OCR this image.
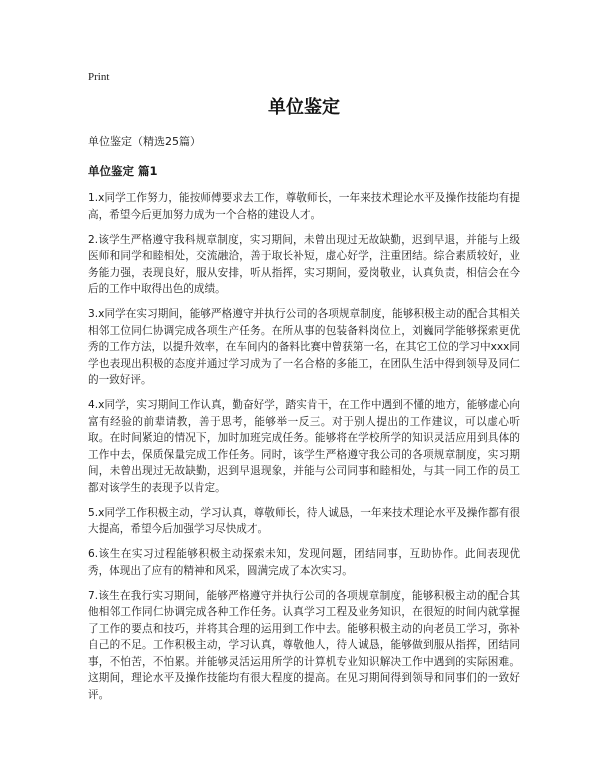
Print
单位鉴定
单位鉴定（精选25篇）
单位鉴定 篇1

1.x同学工作努力，能按师傅要求去工作，尊敬师长，一年来技术理论水平及操作技能均有提高，希望今后更加努力成为一个合格的建设人才。

2.该学生严格遵守我科规章制度，实习期间，未曾出现过无故缺勤，迟到早退，并能与上级医师和同学和睦相处，交流融洽，善于取长补短，虚心好学，注重团结。综合素质较好，业务能力强，表现良好，服从安排，听从指挥，实习期间，爱岗敬业，认真负责，相信会在今后的工作中取得出色的成绩。

3.x同学在实习期间，能够严格遵守并执行公司的各项规章制度，能够积极主动的配合其相关相邻工位同仁协调完成各项生产任务。在所从事的包装备料岗位上，刘巍同学能够探索更优秀的工作方法，以提升效率，在车间内的备料比赛中曾获第一名，在其它工位的学习中xxx同学也表现出积极的态度并通过学习成为了一名合格的多能工，在团队生活中得到领导及同仁的一致好评。

4.x同学，实习期间工作认真，勤奋好学，踏实肯干，在工作中遇到不懂的地方，能够虚心向富有经验的前辈请教，善于思考，能够举一反三。对于别人提出的工作建议，可以虚心听取。在时间紧迫的情况下，加时加班完成任务。能够将在学校所学的知识灵活应用到具体的工作中去，保质保量完成工作任务。同时，该学生严格遵守我公司的各项规章制度，实习期间，未曾出现过无故缺勤，迟到早退现象，并能与公司同事和睦相处，与其一同工作的员工都对该学生的表现予以肯定。

5.x同学工作积极主动，学习认真，尊敬师长，待人诚恳，一年来技术理论水平及操作都有很大提高，希望今后加强学习尽快成才。

6.该生在实习过程能够积极主动探索未知，发现问题，团结同事，互助协作。此间表现优秀，体现出了应有的精神和风采，圆满完成了本次实习。

7.该生在我行实习期间，能够严格遵守并执行公司的各项规章制度，能够积极主动的配合其他相邻工作同仁协调完成各种工作任务。认真学习工程及业务知识，在很短的时间内就掌握了工作的要点和技巧，并将其合理的运用到工作中去。能够积极主动的向老员工学习，弥补自己的不足。工作积极主动，学习认真，尊敬他人，待人诚恳，能够做到服从指挥，团结同事，不怕苦，不怕累。并能够灵活运用所学的计算机专业知识解决工作中遇到的实际困难。这期间，理论水平及操作技能均有很大程度的提高。在见习期间得到领导和同事们的一致好评。
